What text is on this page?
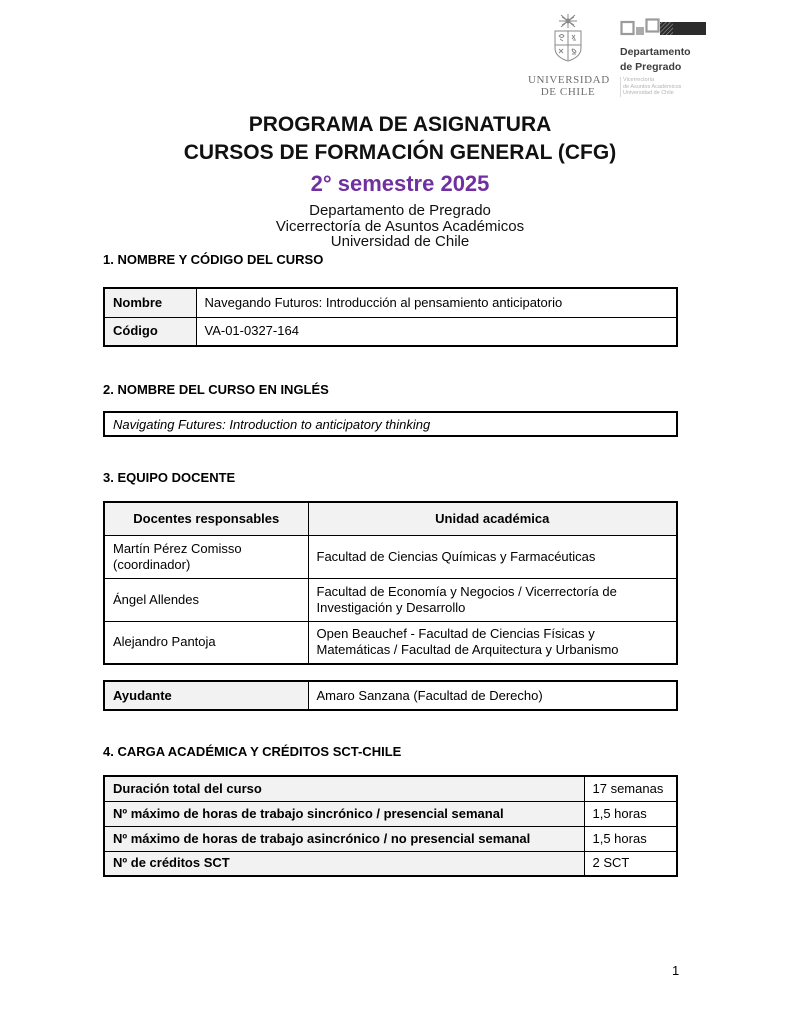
UNIVERSIDAD
DE CHILE
Departamento
de Pregrado
Vicerrectoría
de Asuntos Académicos
Universidad de Chile
PROGRAMA DE ASIGNATURA
CURSOS DE FORMACIÓN GENERAL (CFG)
2° semestre 2025
Departamento de Pregrado
Vicerrectoría de Asuntos Académicos
Universidad de Chile
1. NOMBRE Y CÓDIGO DEL CURSO
Nombre	Navegando Futuros: Introducción al pensamiento anticipatorio
Código	VA-01-0327-164
2. NOMBRE DEL CURSO EN INGLÉS
Navigating Futures: Introduction to anticipatory thinking
3. EQUIPO DOCENTE
Docentes responsables	Unidad académica
Martín Pérez Comisso (coordinador)	Facultad de Ciencias Químicas y Farmacéuticas
Ángel Allendes	Facultad de Economía y Negocios / Vicerrectoría de Investigación y Desarrollo
Alejandro Pantoja	Open Beauchef - Facultad de Ciencias Físicas y Matemáticas / Facultad de Arquitectura y Urbanismo
Ayudante	Amaro Sanzana (Facultad de Derecho)
4. CARGA ACADÉMICA Y CRÉDITOS SCT-CHILE
Duración total del curso	17 semanas
Nº máximo de horas de trabajo sincrónico / presencial semanal	1,5 horas
Nº máximo de horas de trabajo asincrónico / no presencial semanal	1,5 horas
Nº de créditos SCT	2 SCT
1
